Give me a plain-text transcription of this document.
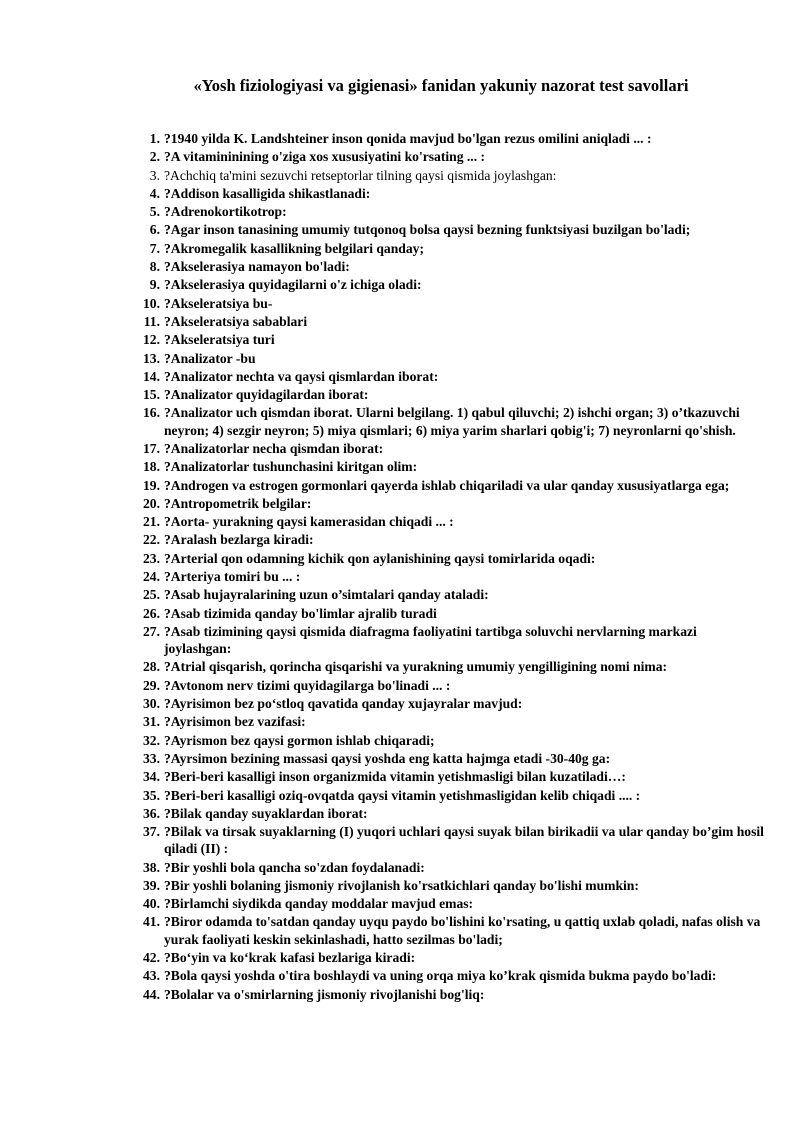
«Yosh fiziologiyasi va gigienasi» fanidan yakuniy nazorat test savollari
1. ?1940 yilda K. Landshteiner inson qonida mavjud bo'lgan rezus omilini aniqladi ... :
2. ?A vitamininining o'ziga xos xususiyatini ko'rsating ... :
3. ?Achchiq ta'mini sezuvchi retseptorlar tilning qaysi qismida joylashgan:
4. ?Addison kasalligida shikastlanadi:
5. ?Adrenokortikotrop:
6. ?Agar inson tanasining umumiy tutqonoq bolsa qaysi bezning funktsiyasi buzilgan bo'ladi;
7. ?Akromegalik kasallikning belgilari qanday;
8. ?Akselerasiya namayon bo'ladi:
9. ?Akselerasiya quyidagilarni o'z ichiga oladi:
10. ?Akseleratsiya bu-
11. ?Akseleratsiya sabablari
12. ?Akseleratsiya turi
13. ?Analizator -bu
14. ?Analizator nechta va qaysi qismlardan iborat:
15. ?Analizator quyidagilardan iborat:
16. ?Analizator uch qismdan iborat. Ularni belgilang. 1) qabul qiluvchi; 2) ishchi organ; 3) o’tkazuvchi neyron; 4) sezgir neyron; 5) miya qismlari; 6) miya yarim sharlari qobig'i; 7) neyronlarni qo'shish.
17. ?Analizatorlar necha qismdan iborat:
18. ?Analizatorlar tushunchasini kiritgan olim:
19. ?Androgen va estrogen gormonlari qayerda ishlab chiqariladi va ular qanday xususiyatlarga ega;
20. ?Antropometrik belgilar:
21. ?Aorta- yurakning qaysi kamerasidan chiqadi ... :
22. ?Aralash bezlarga kiradi:
23. ?Arterial qon odamning kichik qon aylanishining qaysi tomirlarida oqadi:
24. ?Arteriya tomiri bu ... :
25. ?Asab hujayralarining uzun o’simtalari qanday ataladi:
26. ?Asab tizimida qanday bo'limlar ajralib turadi
27. ?Asab tizimining qaysi qismida diafragma faoliyatini tartibga soluvchi nervlarning markazi joylashgan:
28. ?Atrial qisqarish, qorincha qisqarishi va yurakning umumiy yengilligining nomi nima:
29. ?Avtonom nerv tizimi quyidagilarga bo'linadi ... :
30. ?Ayrisimon bez po‘stloq qavatida qanday xujayralar mavjud:
31. ?Ayrisimon bez vazifasi:
32. ?Ayrismon bez qaysi gormon ishlab chiqaradi;
33. ?Ayrsimon bezining massasi qaysi yoshda eng katta hajmga etadi -30-40g ga:
34. ?Beri-beri kasalligi inson organizmida vitamin yetishmasligi bilan kuzatiladi…:
35. ?Beri-beri kasalligi oziq-ovqatda qaysi vitamin yetishmasligidan kelib chiqadi .... :
36. ?Bilak qanday suyaklardan iborat:
37. ?Bilak va tirsak suyaklarning (I) yuqori uchlari qaysi suyak bilan birikadii va ular qanday bo’gim hosil qiladi (II) :
38. ?Bir yoshli bola qancha so'zdan foydalanadi:
39. ?Bir yoshli bolaning jismoniy rivojlanish ko'rsatkichlari qanday bo'lishi mumkin:
40. ?Birlamchi siydikda qanday moddalar mavjud emas:
41. ?Biror odamda to'satdan qanday uyqu paydo bo'lishini ko'rsating, u qattiq uxlab qoladi, nafas olish va yurak faoliyati keskin sekinlashadi, hatto sezilmas bo'ladi;
42. ?Bo‘yin va ko‘krak kafasi bezlariga kiradi:
43. ?Bola qaysi yoshda o'tira boshlaydi va uning orqa miya ko’krak qismida bukma paydo bo'ladi:
44. ?Bolalar va o'smirlarning jismoniy rivojlanishi bog'liq:
